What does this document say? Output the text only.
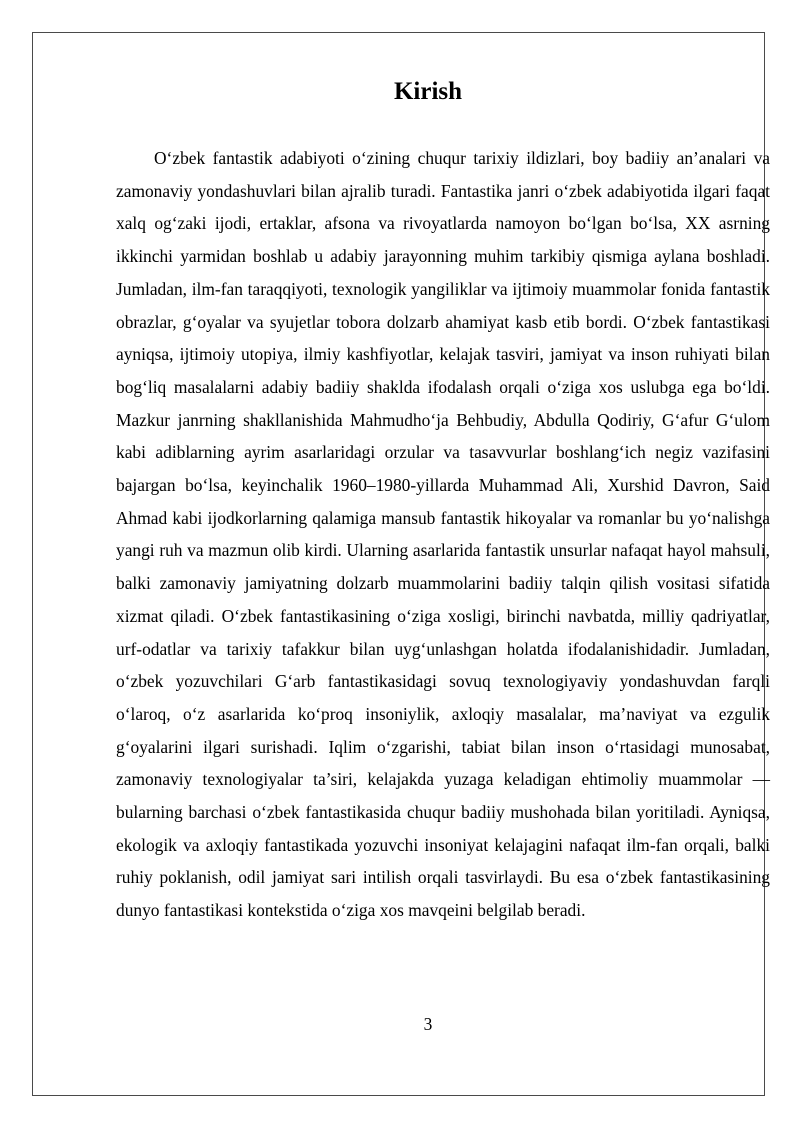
Kirish

O‘zbek fantastik adabiyoti o‘zining chuqur tarixiy ildizlari, boy badiiy an’analari va zamonaviy yondashuvlari bilan ajralib turadi. Fantastika janri o‘zbek adabiyotida ilgari faqat xalq og‘zaki ijodi, ertaklar, afsona va rivoyatlarda namoyon bo‘lgan bo‘lsa, XX asrning ikkinchi yarmidan boshlab u adabiy jarayonning muhim tarkibiy qismiga aylana boshladi. Jumladan, ilm-fan taraqqiyoti, texnologik yangiliklar va ijtimoiy muammolar fonida fantastik obrazlar, g‘oyalar va syujetlar tobora dolzarb ahamiyat kasb etib bordi. O‘zbek fantastikasi ayniqsa, ijtimoiy utopiya, ilmiy kashfiyotlar, kelajak tasviri, jamiyat va inson ruhiyati bilan bog‘liq masalalarni adabiy badiiy shaklda ifodalash orqali o‘ziga xos uslubga ega bo‘ldi. Mazkur janrning shakllanishida Mahmudho‘ja Behbudiy, Abdulla Qodiriy, G‘afur G‘ulom kabi adiblarning ayrim asarlaridagi orzular va tasavvurlar boshlang‘ich negiz vazifasini bajargan bo‘lsa, keyinchalik 1960–1980-yillarda Muhammad Ali, Xurshid Davron, Said Ahmad kabi ijodkorlarning qalamiga mansub fantastik hikoyalar va romanlar bu yo‘nalishga yangi ruh va mazmun olib kirdi. Ularning asarlarida fantastik unsurlar nafaqat hayol mahsuli, balki zamonaviy jamiyatning dolzarb muammolarini badiiy talqin qilish vositasi sifatida xizmat qiladi. O‘zbek fantastikasining o‘ziga xosligi, birinchi navbatda, milliy qadriyatlar, urf-odatlar va tarixiy tafakkur bilan uyg‘unlashgan holatda ifodalanishidadir. Jumladan, o‘zbek yozuvchilari G‘arb fantastikasidagi sovuq texnologiyaviy yondashuvdan farqli o‘laroq, o‘z asarlarida ko‘proq insoniylik, axloqiy masalalar, ma’naviyat va ezgulik g‘oyalarini ilgari surishadi. Iqlim o‘zgarishi, tabiat bilan inson o‘rtasidagi munosabat, zamonaviy texnologiyalar ta’siri, kelajakda yuzaga keladigan ehtimoliy muammolar — bularning barchasi o‘zbek fantastikasida chuqur badiiy mushohada bilan yoritiladi. Ayniqsa, ekologik va axloqiy fantastikada yozuvchi insoniyat kelajagini nafaqat ilm-fan orqali, balki ruhiy poklanish, odil jamiyat sari intilish orqali tasvirlaydi. Bu esa o‘zbek fantastikasining dunyo fantastikasi kontekstida o‘ziga xos mavqeini belgilab beradi.

3
